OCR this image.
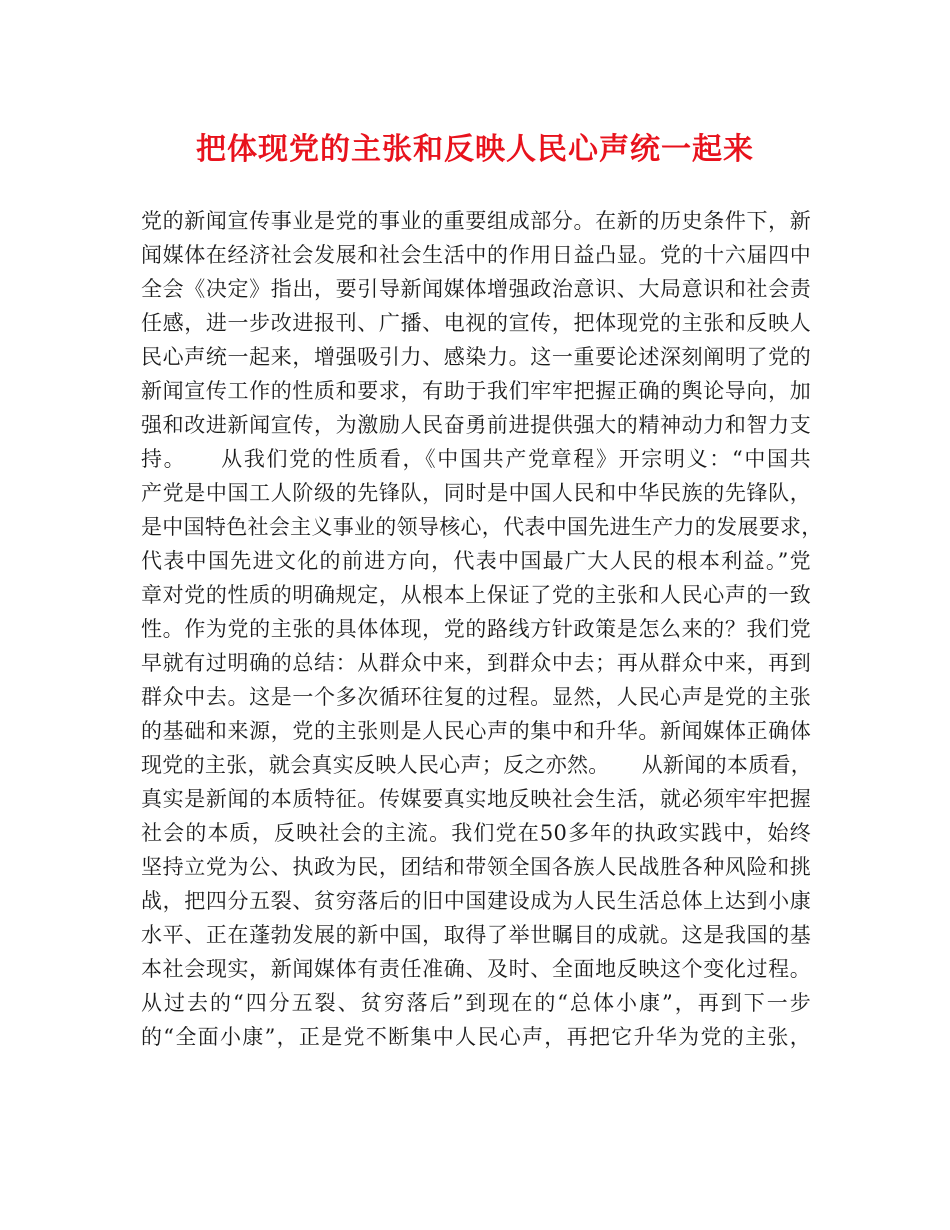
把体现党的主张和反映人民心声统一起来
党的新闻宣传事业是党的事业的重要组成部分。在新的历史条件下，新
闻媒体在经济社会发展和社会生活中的作用日益凸显。党的十六届四中
全会《决定》指出，要引导新闻媒体增强政治意识、大局意识和社会责
任感，进一步改进报刊、广播、电视的宣传，把体现党的主张和反映人
民心声统一起来，增强吸引力、感染力。这一重要论述深刻阐明了党的
新闻宣传工作的性质和要求，有助于我们牢牢把握正确的舆论导向，加
强和改进新闻宣传，为激励人民奋勇前进提供强大的精神动力和智力支
持。　　从我们党的性质看，《中国共产党章程》开宗明义：“中国共
产党是中国工人阶级的先锋队，同时是中国人民和中华民族的先锋队，
是中国特色社会主义事业的领导核心，代表中国先进生产力的发展要求，
代表中国先进文化的前进方向，代表中国最广大人民的根本利益。”党
章对党的性质的明确规定，从根本上保证了党的主张和人民心声的一致
性。作为党的主张的具体体现，党的路线方针政策是怎么来的？我们党
早就有过明确的总结：从群众中来，到群众中去；再从群众中来，再到
群众中去。这是一个多次循环往复的过程。显然，人民心声是党的主张
的基础和来源，党的主张则是人民心声的集中和升华。新闻媒体正确体
现党的主张，就会真实反映人民心声；反之亦然。　　从新闻的本质看，
真实是新闻的本质特征。传媒要真实地反映社会生活，就必须牢牢把握
社会的本质，反映社会的主流。我们党在50多年的执政实践中，始终
坚持立党为公、执政为民，团结和带领全国各族人民战胜各种风险和挑
战，把四分五裂、贫穷落后的旧中国建设成为人民生活总体上达到小康
水平、正在蓬勃发展的新中国，取得了举世瞩目的成就。这是我国的基
本社会现实，新闻媒体有责任准确、及时、全面地反映这个变化过程。
从过去的“四分五裂、贫穷落后”到现在的“总体小康”，再到下一步
的“全面小康”，正是党不断集中人民心声，再把它升华为党的主张，
